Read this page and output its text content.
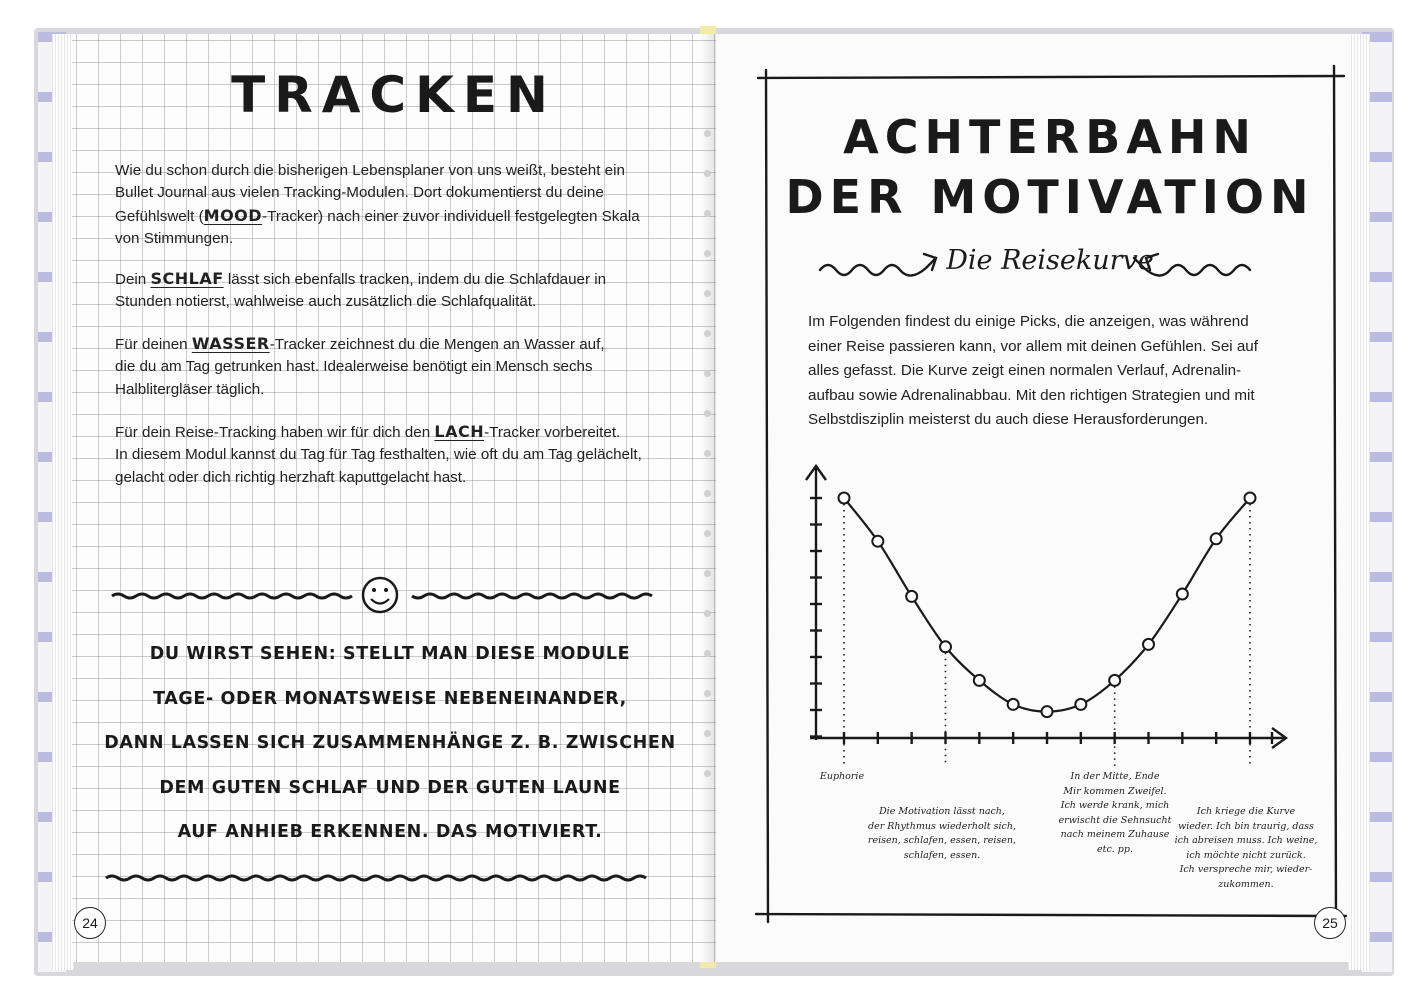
TRACKEN
Wie du schon durch die bisherigen Lebensplaner von uns weißt, besteht ein
Bullet Journal aus vielen Tracking-Modulen. Dort dokumentierst du deine
Gefühlswelt (MOOD-Tracker) nach einer zuvor individuell festgelegten Skala
von Stimmungen.
Dein SCHLAF lässt sich ebenfalls tracken, indem du die Schlafdauer in
Stunden notierst, wahlweise auch zusätzlich die Schlafqualität.
Für deinen WASSER-Tracker zeichnest du die Mengen an Wasser auf,
die du am Tag getrunken hast. Idealerweise benötigt ein Mensch sechs
Halblitergläser täglich.
Für dein Reise-Tracking haben wir für dich den LACH-Tracker vorbereitet.
In diesem Modul kannst du Tag für Tag festhalten, wie oft du am Tag gelächelt,
gelacht oder dich richtig herzhaft kaputtgelacht hast.
DU WIRST SEHEN: STELLT MAN DIESE MODULE
TAGE- ODER MONATSWEISE NEBENEINANDER,
DANN LASSEN SICH ZUSAMMENHÄNGE Z. B. ZWISCHEN
DEM GUTEN SCHLAF UND DER GUTEN LAUNE
AUF ANHIEB ERKENNEN. DAS MOTIVIERT.
24
ACHTERBAHN
DER MOTIVATION
Die Reisekurve
Im Folgenden findest du einige Picks, die anzeigen, was während
einer Reise passieren kann, vor allem mit deinen Gefühlen. Sei auf
alles gefasst. Die Kurve zeigt einen normalen Verlauf, Adrenalin-
aufbau sowie Adrenalinabbau. Mit den richtigen Strategien und mit
Selbstdisziplin meisterst du auch diese Herausforderungen.
Euphorie
Die Motivation lässt nach,
der Rhythmus wiederholt sich,
reisen, schlafen, essen, reisen,
schlafen, essen.
In der Mitte, Ende
Mir kommen Zweifel.
Ich werde krank, mich
erwischt die Sehnsucht
nach meinem Zuhause
etc. pp.
Ich kriege die Kurve
wieder. Ich bin traurig, dass
ich abreisen muss. Ich weine,
ich möchte nicht zurück.
Ich verspreche mir, wieder-
zukommen.
25
